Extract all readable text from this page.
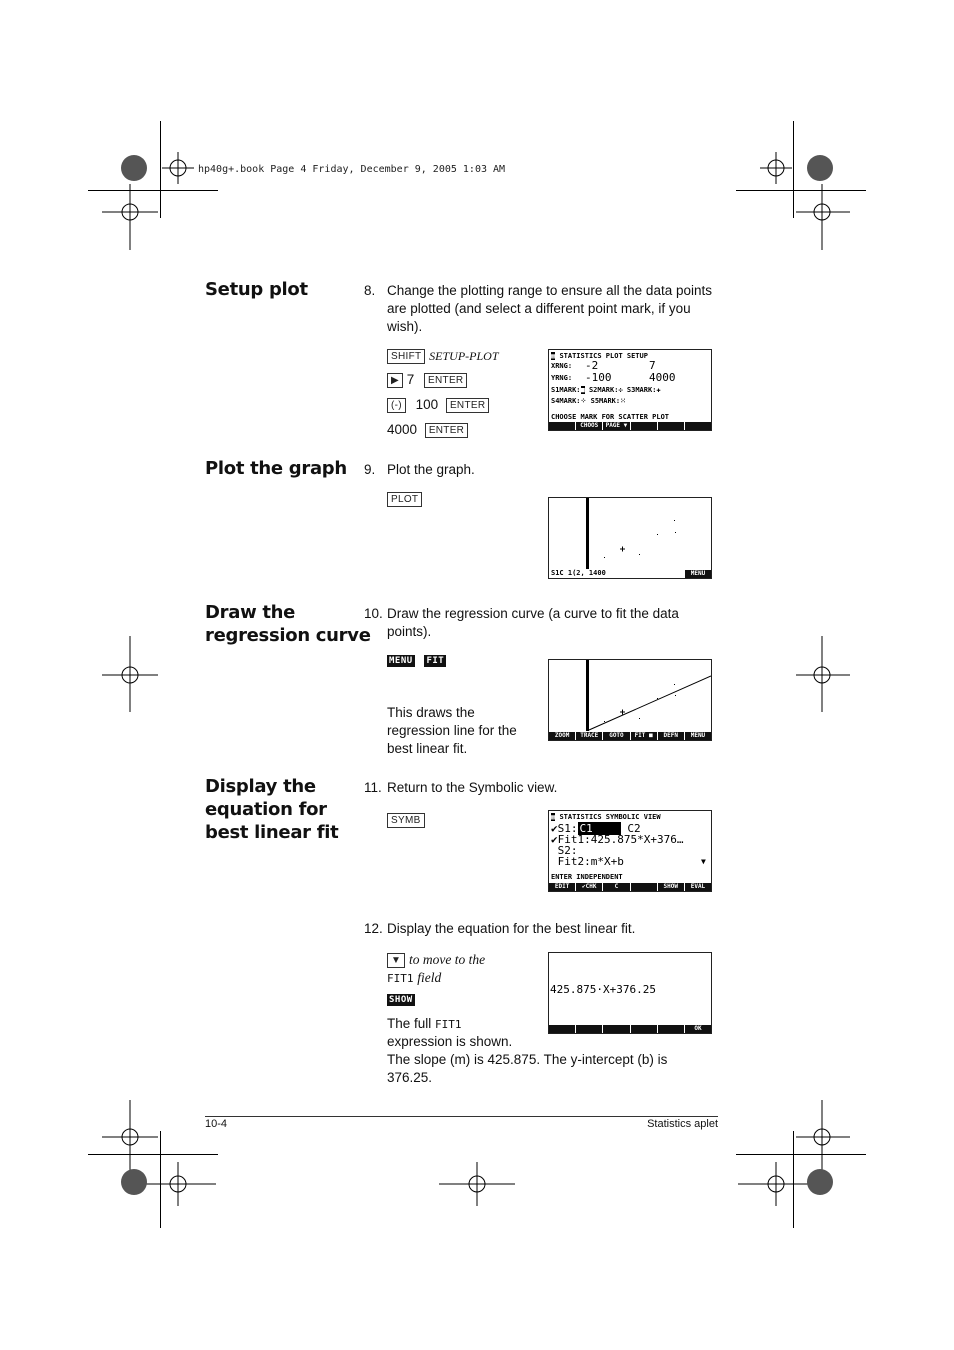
hp40g+.book Page 4 Friday, December 9, 2005 1:03 AM
Setup plot	8. Change the plotting range to ensure all the data points are plotted (and select a different point mark, if you wish).
SHIFT SETUP-PLOT
▶ 7 ENTER
(-) 100 ENTER
4000 ENTER
▦ STATISTICS PLOT SETUP
XRNG: -2	7
YRNG: -100	4000
S1MARK:■ S2MARK:✣ S3MARK:✚
S4MARK:⁘ S5MARK:⁙
CHOOSE MARK FOR SCATTER PLOT
CHOOS	PAGE ▼
Plot the graph 9. Plot the graph.
PLOT
S1C 1(2, 1400	MENU
Draw the
regression curve
10. Draw the regression curve (a curve to fit the data points).
MENU FIT
This draws the regression line for the best linear fit.
ZOOM	TRACE	GOTO	FIT ■	DEFN	MENU
Display the
equation for
best linear fit
11. Return to the Symbolic view.
SYMB	▦ STATISTICS SYMBOLIC VIEW
✔S1: C1	C2
✔Fit1:425.875*X+376…
S2:
Fit2:m*X+b	▼
ENTER INDEPENDENT
EDIT	✔CHK	C	SHOW	EVAL
12. Display the equation for the best linear fit.
▼ to move to the
FIT1 field
SHOW
The full FIT1
expression is shown.
The slope (m) is 425.875. The y-intercept (b) is 376.25.
425.875·X+376.25
OK
10-4	Statistics aplet
